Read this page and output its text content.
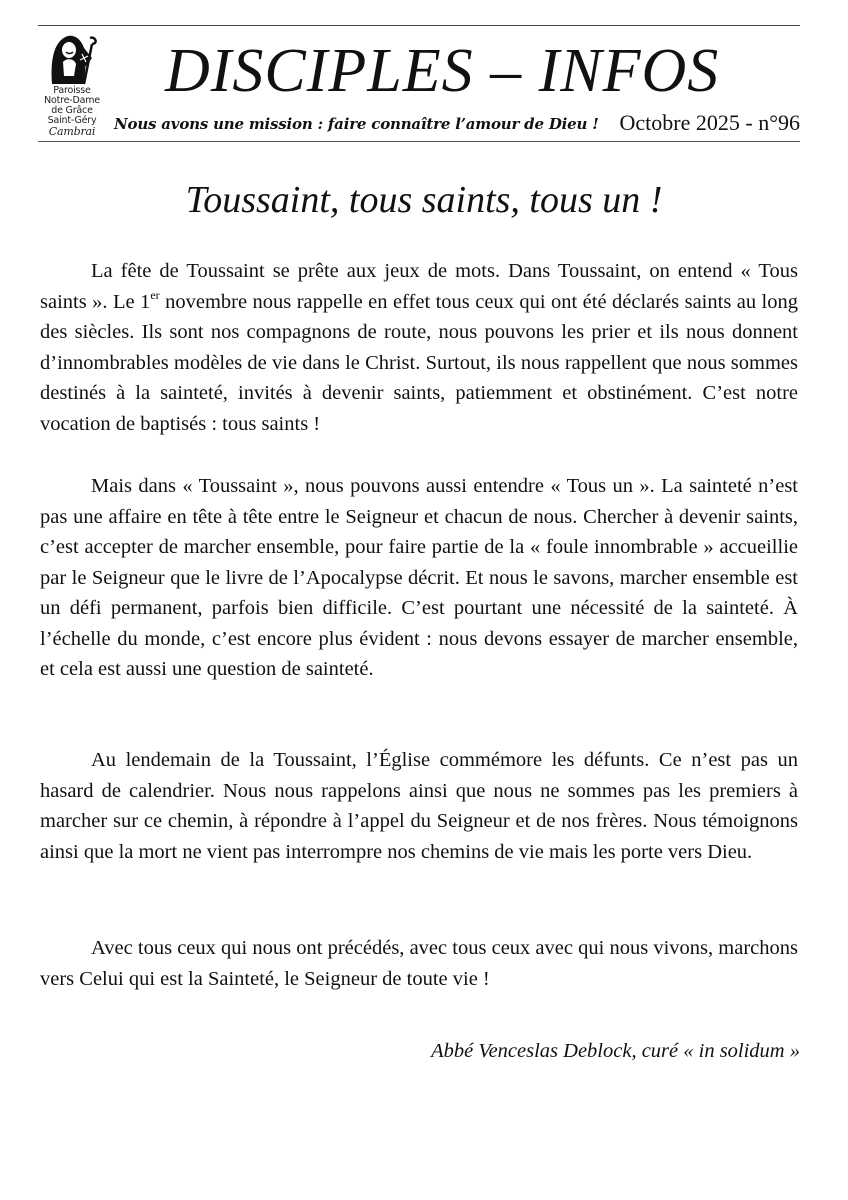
Paroisse
Notre-Dame
de Grâce
Saint-Géry
Cambrai
DISCIPLES – INFOS
Nous avons une mission : faire connaître l’amour de Dieu ! Octobre 2025 - n°96
Toussaint, tous saints, tous un !

La fête de Toussaint se prête aux jeux de mots. Dans Toussaint, on entend « Tous saints ». Le 1er novembre nous rappelle en effet tous ceux qui ont été déclarés saints au long des siècles. Ils sont nos compagnons de route, nous pouvons les prier et ils nous donnent d’innombrables modèles de vie dans le Christ. Surtout, ils nous rappellent que nous sommes destinés à la sainteté, invités à devenir saints, patiemment et obstinément. C’est notre vocation de baptisés : tous saints !

Mais dans « Toussaint », nous pouvons aussi entendre « Tous un ». La sainteté n’est pas une affaire en tête à tête entre le Seigneur et chacun de nous. Chercher à devenir saints, c’est accepter de marcher ensemble, pour faire partie de la « foule innombrable » accueillie par le Seigneur que le livre de l’Apocalypse décrit. Et nous le savons, marcher ensemble est un défi permanent, parfois bien difficile. C’est pourtant une nécessité de la sainteté. À l’échelle du monde, c’est encore plus évident : nous devons essayer de marcher ensemble, et cela est aussi une question de sainteté.

Au lendemain de la Toussaint, l’Église commémore les défunts. Ce n’est pas un hasard de calendrier. Nous nous rappelons ainsi que nous ne sommes pas les premiers à marcher sur ce chemin, à répondre à l’appel du Seigneur et de nos frères. Nous témoignons ainsi que la mort ne vient pas interrompre nos chemins de vie mais les porte vers Dieu.

Avec tous ceux qui nous ont précédés, avec tous ceux avec qui nous vivons, marchons vers Celui qui est la Sainteté, le Seigneur de toute vie !

Abbé Venceslas Deblock, curé « in solidum »
